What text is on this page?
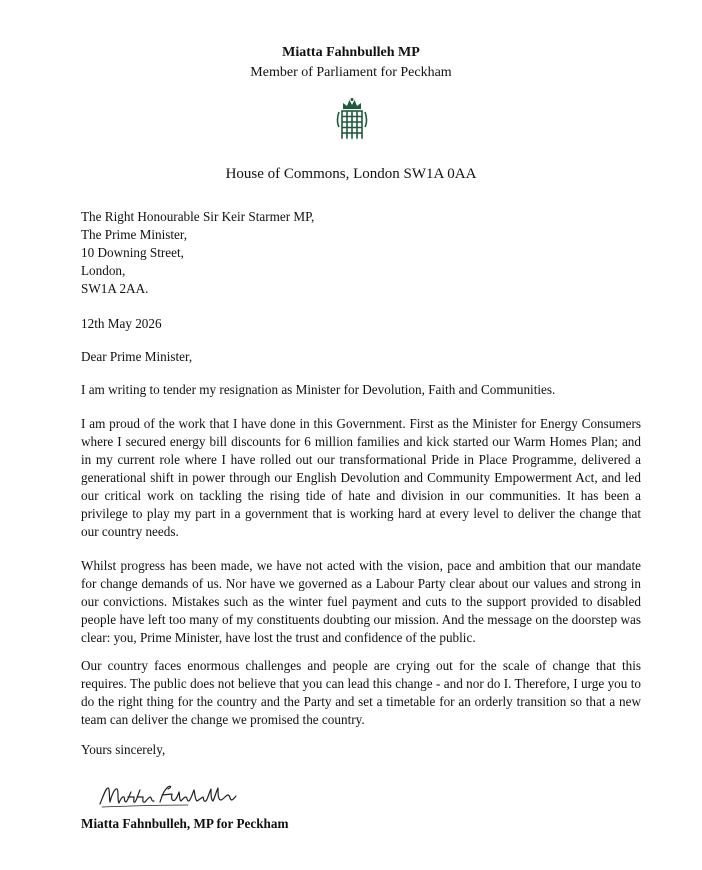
Miatta Fahnbulleh MP
Member of Parliament for Peckham
House of Commons, London SW1A 0AA
The Right Honourable Sir Keir Starmer MP,
The Prime Minister,
10 Downing Street,
London,
SW1A 2AA.
12th May 2026
Dear Prime Minister,

I am writing to tender my resignation as Minister for Devolution, Faith and Communities.

I am proud of the work that I have done in this Government. First as the Minister for Energy Consumers where I secured energy bill discounts for 6 million families and kick started our Warm Homes Plan; and in my current role where I have rolled out our transformational Pride in Place Programme, delivered a generational shift in power through our English Devolution and Community Empowerment Act, and led our critical work on tackling the rising tide of hate and division in our communities. It has been a privilege to play my part in a government that is working hard at every level to deliver the change that our country needs.

Whilst progress has been made, we have not acted with the vision, pace and ambition that our mandate for change demands of us. Nor have we governed as a Labour Party clear about our values and strong in our convictions. Mistakes such as the winter fuel payment and cuts to the support provided to disabled people have left too many of my constituents doubting our mission. And the message on the doorstep was clear: you, Prime Minister, have lost the trust and confidence of the public.

Our country faces enormous challenges and people are crying out for the scale of change that this requires. The public does not believe that you can lead this change - and nor do I. Therefore, I urge you to do the right thing for the country and the Party and set a timetable for an orderly transition so that a new team can deliver the change we promised the country.

Yours sincerely,
Miatta Fahnbulleh, MP for Peckham
